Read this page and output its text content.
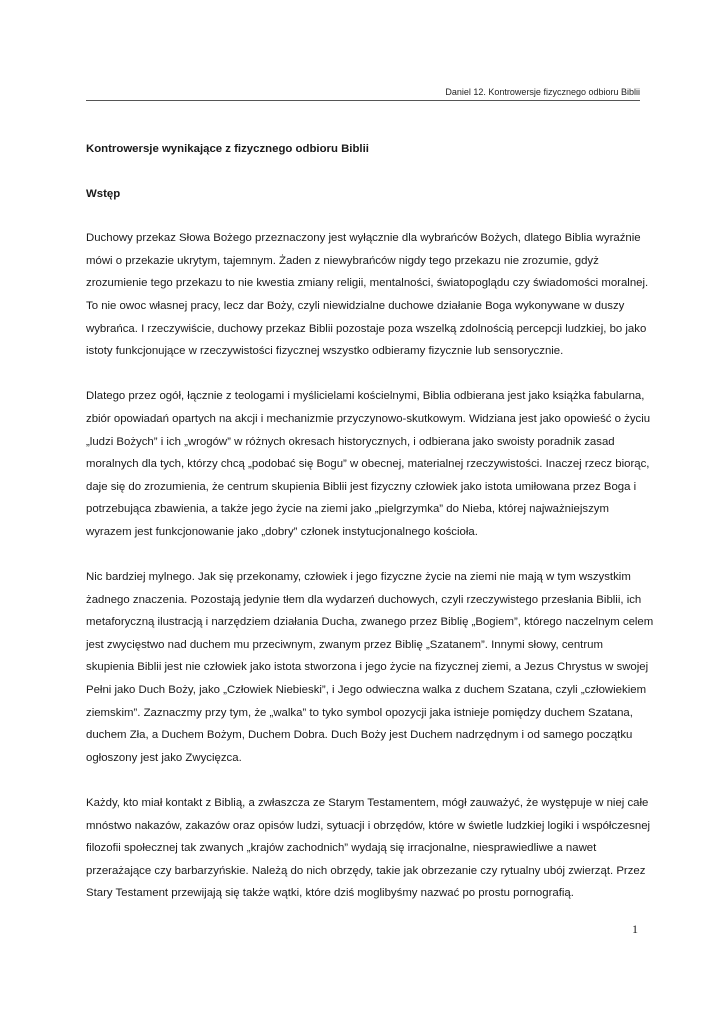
Daniel 12. Kontrowersje fizycznego odbioru Biblii

Kontrowersje wynikające z fizycznego odbioru Biblii

Wstęp

Duchowy przekaz Słowa Bożego przeznaczony jest wyłącznie dla wybrańców Bożych, dlatego Biblia wyraźnie
mówi o przekazie ukrytym, tajemnym. Żaden z niewybrańców nigdy tego przekazu nie zrozumie, gdyż
zrozumienie tego przekazu to nie kwestia zmiany religii, mentalności, światopoglądu czy świadomości moralnej.
To nie owoc własnej pracy, lecz dar Boży, czyli niewidzialne duchowe działanie Boga wykonywane w duszy
wybrańca. I rzeczywiście, duchowy przekaz Biblii pozostaje poza wszelką zdolnością percepcji ludzkiej, bo jako
istoty funkcjonujące w rzeczywistości fizycznej wszystko odbieramy fizycznie lub sensorycznie.

Dlatego przez ogół, łącznie z teologami i myślicielami kościelnymi, Biblia odbierana jest jako książka fabularna,
zbiór opowiadań opartych na akcji i mechanizmie przyczynowo-skutkowym. Widziana jest jako opowieść o życiu
„ludzi Bożych” i ich „wrogów” w różnych okresach historycznych, i odbierana jako swoisty poradnik zasad
moralnych dla tych, którzy chcą „podobać się Bogu” w obecnej, materialnej rzeczywistości. Inaczej rzecz biorąc,
daje się do zrozumienia, że centrum skupienia Biblii jest fizyczny człowiek jako istota umiłowana przez Boga i
potrzebująca zbawienia, a także jego życie na ziemi jako „pielgrzymka” do Nieba, której najważniejszym
wyrazem jest funkcjonowanie jako „dobry” członek instytucjonalnego kościoła.

Nic bardziej mylnego. Jak się przekonamy, człowiek i jego fizyczne życie na ziemi nie mają w tym wszystkim
żadnego znaczenia. Pozostają jedynie tłem dla wydarzeń duchowych, czyli rzeczywistego przesłania Biblii, ich
metaforyczną ilustracją i narzędziem działania Ducha, zwanego przez Biblię „Bogiem”, którego naczelnym celem
jest zwycięstwo nad duchem mu przeciwnym, zwanym przez Biblię „Szatanem”. Innymi słowy, centrum
skupienia Biblii jest nie człowiek jako istota stworzona i jego życie na fizycznej ziemi, a Jezus Chrystus w swojej
Pełni jako Duch Boży, jako „Człowiek Niebieski”, i Jego odwieczna walka z duchem Szatana, czyli „człowiekiem
ziemskim”. Zaznaczmy przy tym, że „walka” to tyko symbol opozycji jaka istnieje pomiędzy duchem Szatana,
duchem Zła, a Duchem Bożym, Duchem Dobra. Duch Boży jest Duchem nadrzędnym i od samego początku
ogłoszony jest jako Zwycięzca.

Każdy, kto miał kontakt z Biblią, a zwłaszcza ze Starym Testamentem, mógł zauważyć, że występuje w niej całe
mnóstwo nakazów, zakazów oraz opisów ludzi, sytuacji i obrzędów, które w świetle ludzkiej logiki i współczesnej
filozofii społecznej tak zwanych „krajów zachodnich” wydają się irracjonalne, niesprawiedliwe a nawet
przerażające czy barbarzyńskie. Należą do nich obrzędy, takie jak obrzezanie czy rytualny ubój zwierząt. Przez
Stary Testament przewijają się także wątki, które dziś moglibyśmy nazwać po prostu pornografią.

1
